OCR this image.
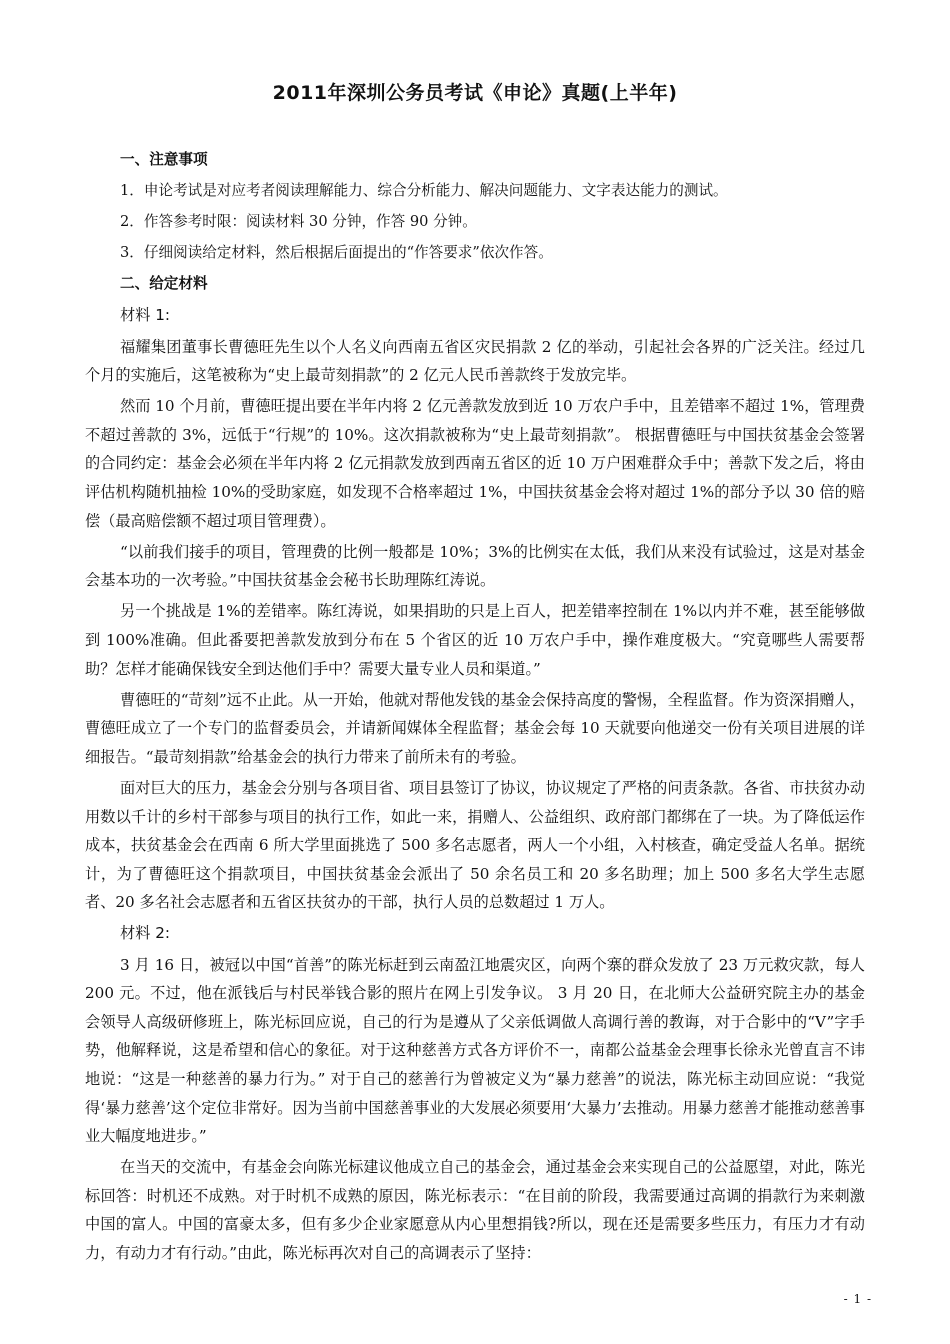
2011年深圳公务员考试《申论》真题(上半年)

一、注意事项

1．申论考试是对应考者阅读理解能力、综合分析能力、解决问题能力、文字表达能力的测试。

2．作答参考时限：阅读材料 30 分钟，作答 90 分钟。

3．仔细阅读给定材料，然后根据后面提出的“作答要求”依次作答。

二、给定材料

材料 1:

福耀集团董事长曹德旺先生以个人名义向西南五省区灾民捐款 2 亿的举动，引起社会各界的广泛关注。经过几个月的实施后，这笔被称为“史上最苛刻捐款”的 2 亿元人民币善款终于发放完毕。

然而 10 个月前，曹德旺提出要在半年内将 2 亿元善款发放到近 10 万农户手中，且差错率不超过 1%，管理费不超过善款的 3%，远低于“行规”的 10%。这次捐款被称为“史上最苛刻捐款”。 根据曹德旺与中国扶贫基金会签署的合同约定：基金会必须在半年内将 2 亿元捐款发放到西南五省区的近 10 万户困难群众手中；善款下发之后，将由评估机构随机抽检 10%的受助家庭，如发现不合格率超过 1%，中国扶贫基金会将对超过 1%的部分予以 30 倍的赔偿（最高赔偿额不超过项目管理费）。

“以前我们接手的项目，管理费的比例一般都是 10%；3%的比例实在太低，我们从来没有试验过，这是对基金会基本功的一次考验。”中国扶贫基金会秘书长助理陈红涛说。

另一个挑战是 1%的差错率。陈红涛说，如果捐助的只是上百人，把差错率控制在 1%以内并不难，甚至能够做到 100%准确。但此番要把善款发放到分布在 5 个省区的近 10 万农户手中，操作难度极大。“究竟哪些人需要帮助？怎样才能确保钱安全到达他们手中？需要大量专业人员和渠道。”

曹德旺的“苛刻”远不止此。从一开始，他就对帮他发钱的基金会保持高度的警惕，全程监督。作为资深捐赠人，曹德旺成立了一个专门的监督委员会，并请新闻媒体全程监督；基金会每 10 天就要向他递交一份有关项目进展的详细报告。“最苛刻捐款”给基金会的执行力带来了前所未有的考验。

面对巨大的压力，基金会分别与各项目省、项目县签订了协议，协议规定了严格的问责条款。各省、市扶贫办动用数以千计的乡村干部参与项目的执行工作，如此一来，捐赠人、公益组织、政府部门都绑在了一块。为了降低运作成本，扶贫基金会在西南 6 所大学里面挑选了 500 多名志愿者，两人一个小组，入村核查，确定受益人名单。据统计，为了曹德旺这个捐款项目，中国扶贫基金会派出了 50 余名员工和 20 多名助理；加上 500 多名大学生志愿者、20 多名社会志愿者和五省区扶贫办的干部，执行人员的总数超过 1 万人。

材料 2:

3 月 16 日，被冠以中国“首善”的陈光标赶到云南盈江地震灾区，向两个寨的群众发放了 23 万元救灾款，每人 200 元。不过，他在派钱后与村民举钱合影的照片在网上引发争议。 3 月 20 日，在北师大公益研究院主办的基金会领导人高级研修班上，陈光标回应说，自己的行为是遵从了父亲低调做人高调行善的教诲，对于合影中的“V”字手势，他解释说，这是希望和信心的象征。对于这种慈善方式各方评价不一，南都公益基金会理事长徐永光曾直言不讳地说：“这是一种慈善的暴力行为。” 对于自己的慈善行为曾被定义为“暴力慈善”的说法，陈光标主动回应说：“我觉得‘暴力慈善’这个定位非常好。因为当前中国慈善事业的大发展必须要用‘大暴力’去推动。用暴力慈善才能推动慈善事业大幅度地进步。”

在当天的交流中，有基金会向陈光标建议他成立自己的基金会，通过基金会来实现自己的公益愿望，对此，陈光标回答：时机还不成熟。对于时机不成熟的原因，陈光标表示：“在目前的阶段，我需要通过高调的捐款行为来刺激中国的富人。中国的富豪太多，但有多少企业家愿意从内心里想捐钱?所以，现在还是需要多些压力，有压力才有动力，有动力才有行动。”由此，陈光标再次对自己的高调表示了坚持：

- 1 -
